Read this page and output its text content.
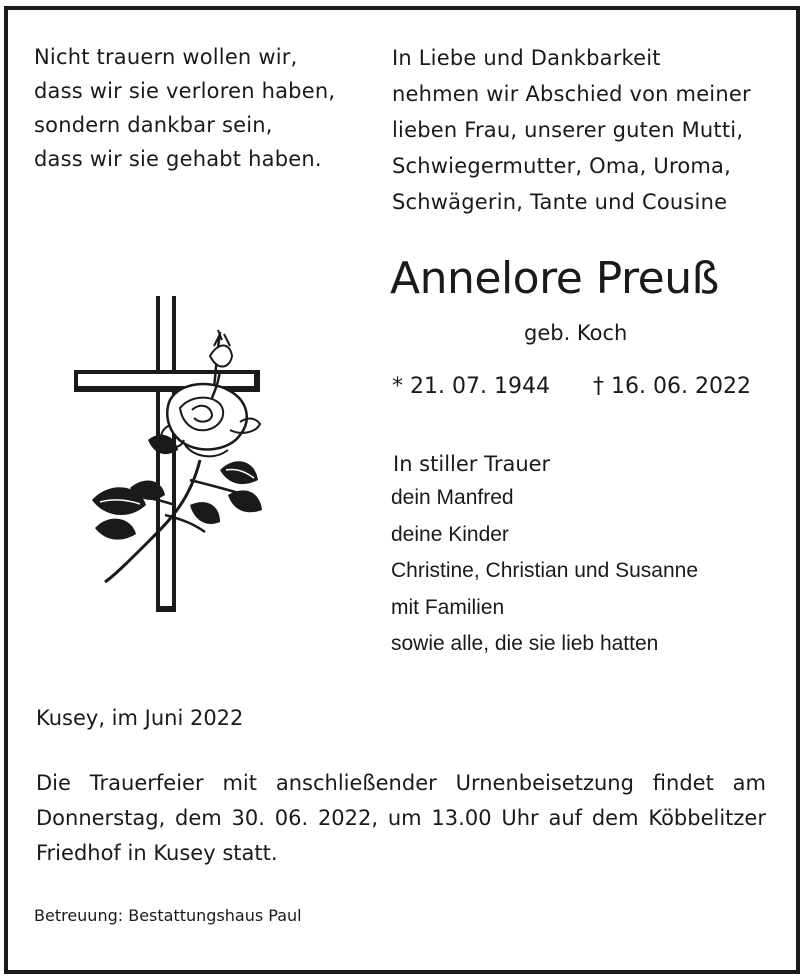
Nicht trauern wollen wir,
dass wir sie verloren haben,
sondern dankbar sein,
dass wir sie gehabt haben.
In Liebe und Dankbarkeit
nehmen wir Abschied von meiner
lieben Frau, unserer guten Mutti,
Schwiegermutter, Oma, Uroma,
Schwägerin, Tante und Cousine
Annelore Preuß
geb. Koch
* 21. 07. 1944 † 16. 06. 2022
In stiller Trauer
dein Manfred
deine Kinder
Christine, Christian und Susanne
mit Familien
sowie alle, die sie lieb hatten
Kusey, im Juni 2022
Die Trauerfeier mit anschließender Urnenbeisetzung findet am Donnerstag, dem 30. 06. 2022, um 13.00 Uhr auf dem Köbbelitzer Friedhof in Kusey statt.
Betreuung: Bestattungshaus Paul
